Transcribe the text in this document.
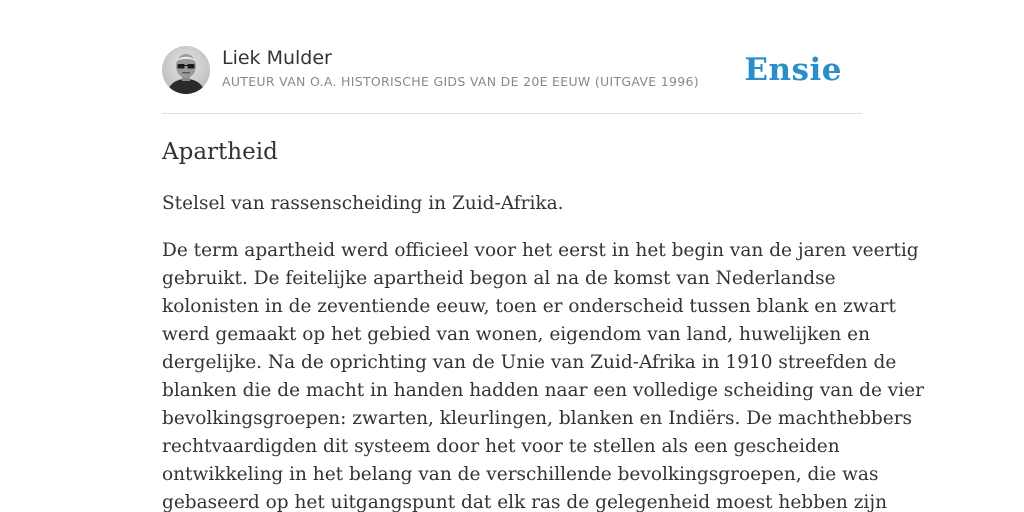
Liek Mulder
AUTEUR VAN O.A. HISTORISCHE GIDS VAN DE 20E EEUW (UITGAVE 1996) Ensie
Apartheid

Stelsel van rassenscheiding in Zuid-Afrika.

De term apartheid werd officieel voor het eerst in het begin van de jaren veertig
gebruikt. De feitelijke apartheid begon al na de komst van Nederlandse
kolonisten in de zeventiende eeuw, toen er onderscheid tussen blank en zwart
werd gemaakt op het gebied van wonen, eigendom van land, huwelijken en
dergelijke. Na de oprichting van de Unie van Zuid-Afrika in 1910 streefden de
blanken die de macht in handen hadden naar een volledige scheiding van de vier
bevolkingsgroepen: zwarten, kleurlingen, blanken en Indiërs. De machthebbers
rechtvaardigden dit systeem door het voor te stellen als een gescheiden
ontwikkeling in het belang van de verschillende bevolkingsgroepen, die was
gebaseerd op het uitgangspunt dat elk ras de gelegenheid moest hebben zijn
